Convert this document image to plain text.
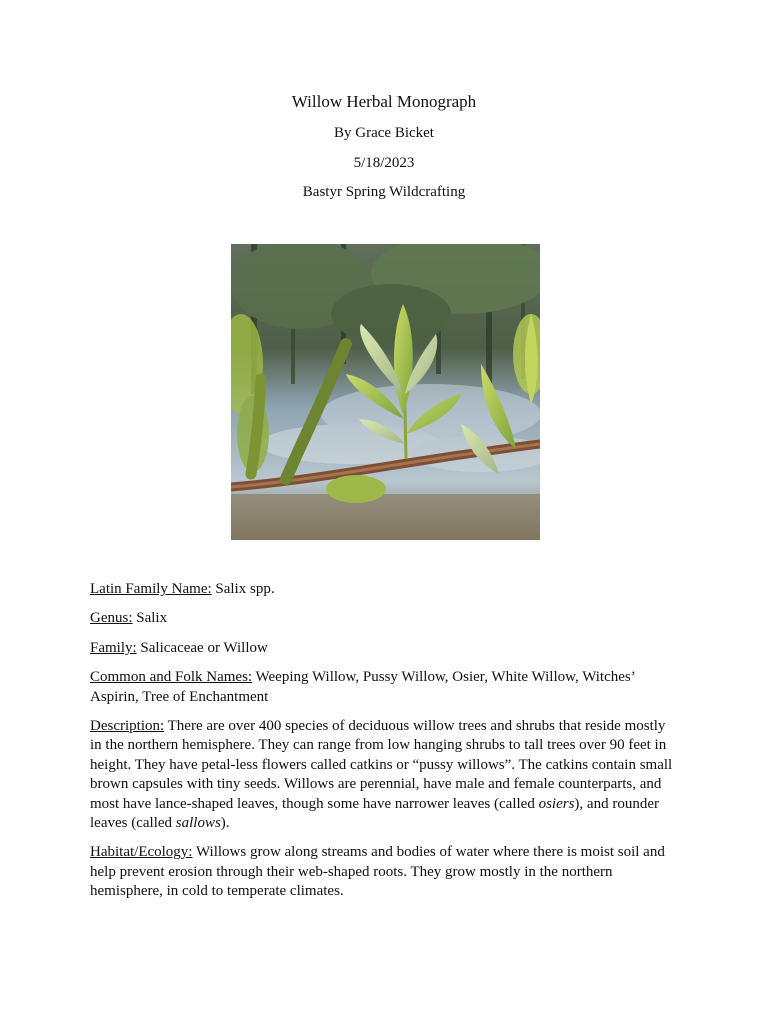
Willow Herbal Monograph
By Grace Bicket
5/18/2023
Bastyr Spring Wildcrafting

Latin Family Name: Salix spp.

Genus: Salix

Family: Salicaceae or Willow

Common and Folk Names: Weeping Willow, Pussy Willow, Osier, White Willow, Witches’ Aspirin, Tree of Enchantment

Description: There are over 400 species of deciduous willow trees and shrubs that reside mostly in the northern hemisphere. They can range from low hanging shrubs to tall trees over 90 feet in height. They have petal-less flowers called catkins or “pussy willows”. The catkins contain small brown capsules with tiny seeds. Willows are perennial, have male and female counterparts, and most have lance-shaped leaves, though some have narrower leaves (called osiers), and rounder leaves (called sallows).

Habitat/Ecology: Willows grow along streams and bodies of water where there is moist soil and help prevent erosion through their web-shaped roots. They grow mostly in the northern hemisphere, in cold to temperate climates.
